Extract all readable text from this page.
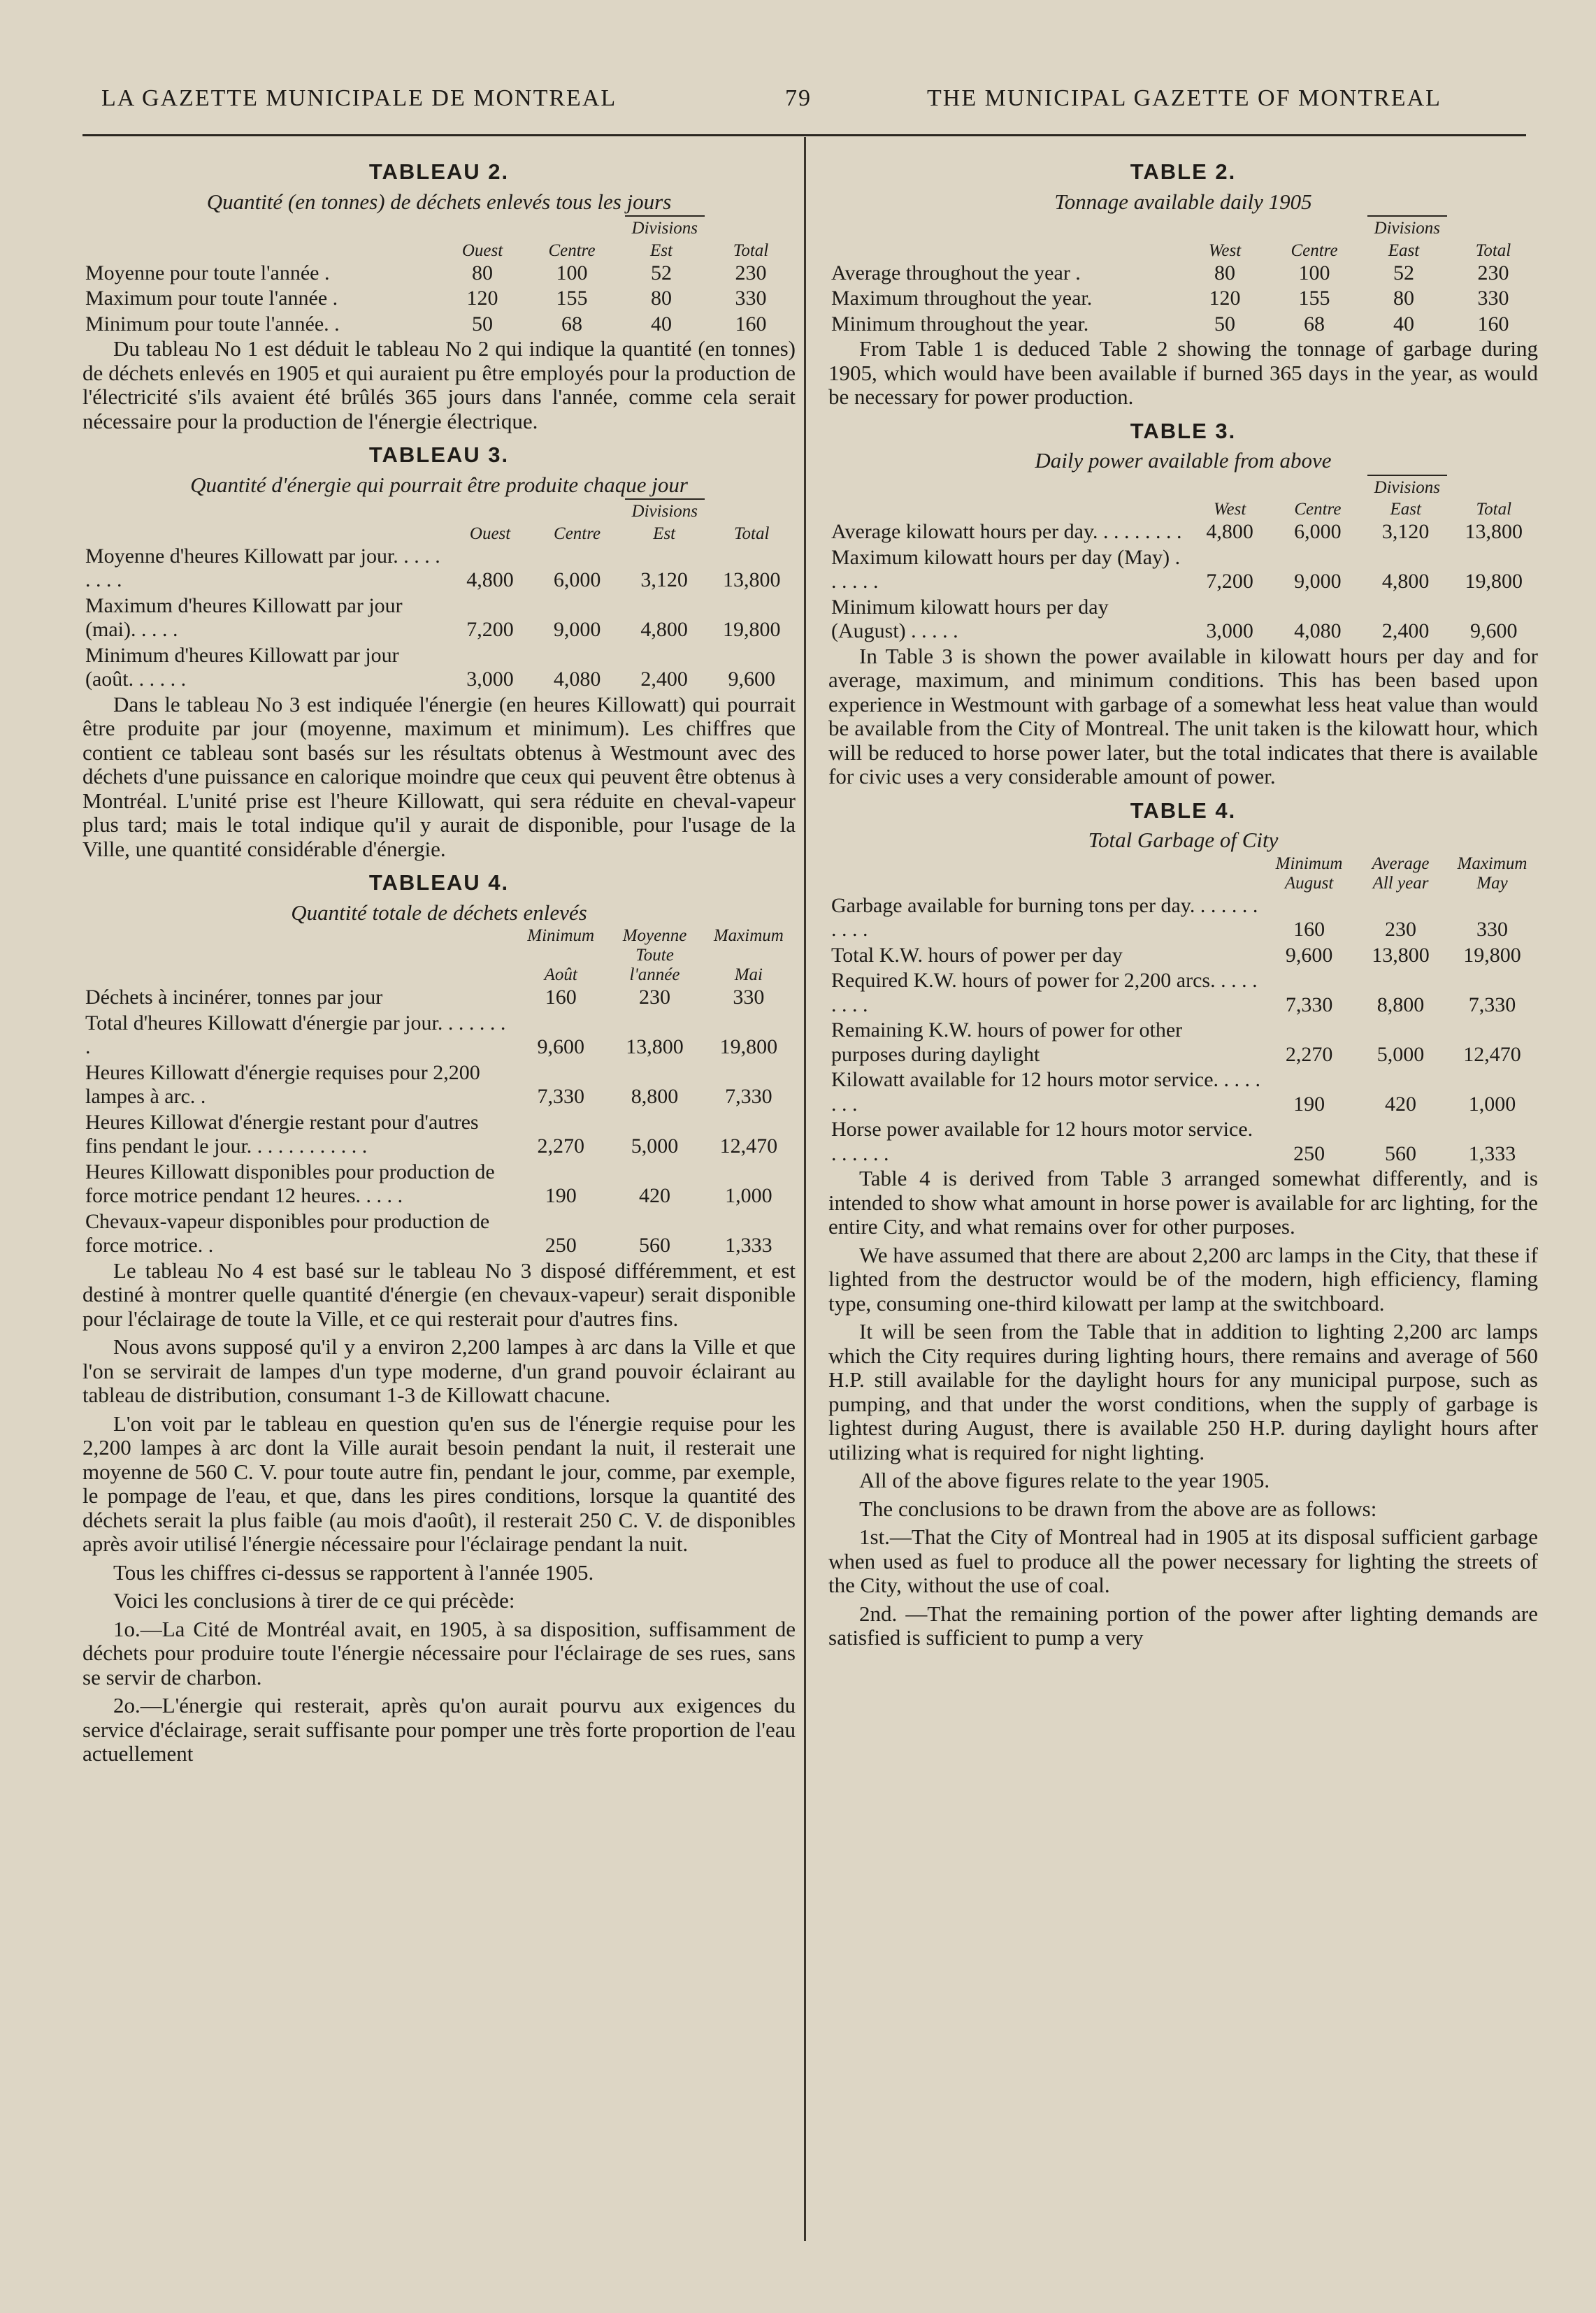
LA GAZETTE MUNICIPALE DE MONTREAL	79	THE MUNICIPAL GAZETTE OF MONTREAL
TABLEAU 2.
Quantité (en tonnes) de déchets enlevés tous les jours
Divisions
	Ouest	Centre	Est	Total
Moyenne pour toute l'année .	80	100	52	230
Maximum pour toute l'année .	120	155	80	330
Minimum pour toute l'année. .	50	68	40	160

Du tableau No 1 est déduit le tableau No 2 qui indique la quantité (en tonnes) de déchets enlevés en 1905 et qui auraient pu être employés pour la production de l'électricité s'ils avaient été brûlés 365 jours dans l'année, comme cela serait nécessaire pour la production de l'énergie électrique.

TABLEAU 3.
Quantité d'énergie qui pourrait être produite chaque jour
Divisions
	Ouest	Centre	Est	Total
Moyenne d'heures Killowatt par jour. . . . . . . . .	4,800	6,000	3,120	13,800
Maximum d'heures Killowatt par jour (mai). . . . .	7,200	9,000	4,800	19,800
Minimum d'heures Killowatt par jour (août. . . . . .	3,000	4,080	2,400	9,600

Dans le tableau No 3 est indiquée l'énergie (en heures Killowatt) qui pourrait être produite par jour (moyenne, maximum et minimum). Les chiffres que contient ce tableau sont basés sur les résultats obtenus à Westmount avec des déchets d'une puissance en calorique moindre que ceux qui peuvent être obtenus à Montréal. L'unité prise est l'heure Killowatt, qui sera réduite en cheval-vapeur plus tard; mais le total indique qu'il y aurait de disponible, pour l'usage de la Ville, une quantité considérable d'énergie.

TABLEAU 4.
Quantité totale de déchets enlevés
	Minimum	Moyenne	Maximum
	Août	Toute l'année	Mai
Déchets à incinérer, tonnes par jour	160	230	330
Total d'heures Killowatt d'énergie par jour. . . . . . . .	9,600	13,800	19,800
Heures Killowatt d'énergie requises pour 2,200 lampes à arc. .	7,330	8,800	7,330
Heures Killowat d'énergie restant pour d'autres fins pendant le jour. . . . . . . . . . . .	2,270	5,000	12,470
Heures Killowatt disponibles pour production de force motrice pendant 12 heures. . . . .	190	420	1,000
Chevaux-vapeur disponibles pour production de force motrice. .	250	560	1,333

Le tableau No 4 est basé sur le tableau No 3 disposé différemment, et est destiné à montrer quelle quantité d'énergie (en chevaux-vapeur) serait disponible pour l'éclairage de toute la Ville, et ce qui resterait pour d'autres fins.

Nous avons supposé qu'il y a environ 2,200 lampes à arc dans la Ville et que l'on se servirait de lampes d'un type moderne, d'un grand pouvoir éclairant au tableau de distribution, consumant 1-3 de Killowatt chacune.

L'on voit par le tableau en question qu'en sus de l'énergie requise pour les 2,200 lampes à arc dont la Ville aurait besoin pendant la nuit, il resterait une moyenne de 560 C. V. pour toute autre fin, pendant le jour, comme, par exemple, le pompage de l'eau, et que, dans les pires conditions, lorsque la quantité des déchets serait la plus faible (au mois d'août), il resterait 250 C. V. de disponibles après avoir utilisé l'énergie nécessaire pour l'éclairage pendant la nuit.

Tous les chiffres ci-dessus se rapportent à l'année 1905.

Voici les conclusions à tirer de ce qui précède:

1o.—La Cité de Montréal avait, en 1905, à sa disposition, suffisamment de déchets pour produire toute l'énergie nécessaire pour l'éclairage de ses rues, sans se servir de charbon.

2o.—L'énergie qui resterait, après qu'on aurait pourvu aux exigences du service d'éclairage, serait suffisante pour pomper une très forte proportion de l'eau actuellement

TABLE 2.
Tonnage available daily 1905
Divisions
	West	Centre	East	Total
Average throughout the year .	80	100	52	230
Maximum throughout the year.	120	155	80	330
Minimum throughout the year.	50	68	40	160

From Table 1 is deduced Table 2 showing the tonnage of garbage during 1905, which would have been available if burned 365 days in the year, as would be necessary for power production.

TABLE 3.
Daily power available from above
Divisions
	West	Centre	East	Total
Average kilowatt hours per day. . . . . . . . .	4,800	6,000	3,120	13,800
Maximum kilowatt hours per day (May) . . . . . .	7,200	9,000	4,800	19,800
Minimum kilowatt hours per day (August) . . . . .	3,000	4,080	2,400	9,600

In Table 3 is shown the power available in kilowatt hours per day and for average, maximum, and minimum conditions. This has been based upon experience in Westmount with garbage of a somewhat less heat value than would be available from the City of Montreal. The unit taken is the kilowatt hour, which will be reduced to horse power later, but the total indicates that there is available for civic uses a very considerable amount of power.

TABLE 4.
Total Garbage of City
	Minimum	Average	Maximum
	August	All year	May
Garbage available for burning tons per day. . . . . . . . . . .	160	230	330
Total K.W. hours of power per day	9,600	13,800	19,800
Required K.W. hours of power for 2,200 arcs. . . . . . . . .	7,330	8,800	7,330
Remaining K.W. hours of power for other purposes during daylight	2,270	5,000	12,470
Kilowatt available for 12 hours motor service. . . . . . . .	190	420	1,000
Horse power available for 12 hours motor service. . . . . . .	250	560	1,333

Table 4 is derived from Table 3 arranged somewhat differently, and is intended to show what amount in horse power is available for arc lighting, for the entire City, and what remains over for other purposes.

We have assumed that there are about 2,200 arc lamps in the City, that these if lighted from the destructor would be of the modern, high efficiency, flaming type, consuming one-third kilowatt per lamp at the switchboard.

It will be seen from the Table that in addition to lighting 2,200 arc lamps which the City requires during lighting hours, there remains and average of 560 H.P. still available for the daylight hours for any municipal purpose, such as pumping, and that under the worst conditions, when the supply of garbage is lightest during August, there is available 250 H.P. during daylight hours after utilizing what is required for night lighting.

All of the above figures relate to the year 1905.

The conclusions to be drawn from the above are as follows:

1st.—That the City of Montreal had in 1905 at its disposal sufficient garbage when used as fuel to produce all the power necessary for lighting the streets of the City, without the use of coal.

2nd. —That the remaining portion of the power after lighting demands are satisfied is sufficient to pump a very
